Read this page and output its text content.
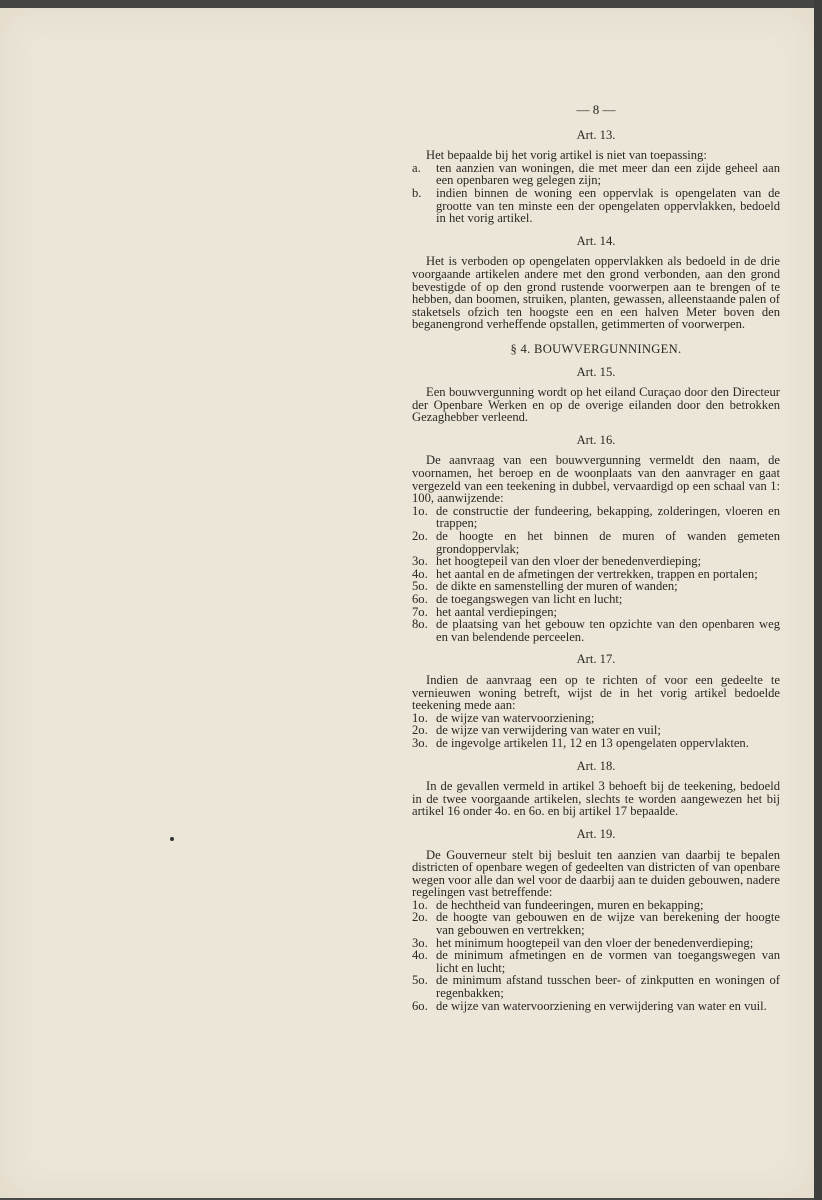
— 8 —
Art. 13.

Het bepaalde bij het vorig artikel is niet van toepassing:

a. ten aanzien van woningen, die met meer dan een zijde geheel aan een openbaren weg gelegen zijn;
b. indien binnen de woning een oppervlak is opengelaten van de grootte van ten minste een der opengelaten oppervlakken, bedoeld in het vorig artikel.
Art. 14.

Het is verboden op opengelaten oppervlakken als bedoeld in de drie voorgaande artikelen andere met den grond verbonden, aan den grond bevestigde of op den grond rustende voorwerpen aan te brengen of te hebben, dan boomen, struiken, planten, gewassen, alleenstaande palen of staketsels ofzich ten hoogste een en een halven Meter boven den beganengrond verheffende opstallen, getimmerten of voorwerpen.

§ 4. BOUWVERGUNNINGEN.
Art. 15.

Een bouwvergunning wordt op het eiland Curaçao door den Directeur der Openbare Werken en op de overige eilanden door den betrokken Gezaghebber verleend.

Art. 16.

De aanvraag van een bouwvergunning vermeldt den naam, de voornamen, het beroep en de woonplaats van den aanvrager en gaat vergezeld van een teekening in dubbel, vervaardigd op een schaal van 1: 100, aanwijzende:

1o. de constructie der fundeering, bekapping, zolderingen, vloeren en trappen;
2o. de hoogte en het binnen de muren of wanden gemeten grondoppervlak;
3o. het hoogtepeil van den vloer der benedenverdieping;
4o. het aantal en de afmetingen der vertrekken, trappen en portalen;
5o. de dikte en samenstelling der muren of wanden;
6o. de toegangswegen van licht en lucht;
7o. het aantal verdiepingen;
8o. de plaatsing van het gebouw ten opzichte van den openbaren weg en van belendende perceelen.
Art. 17.

Indien de aanvraag een op te richten of voor een gedeelte te vernieuwen woning betreft, wijst de in het vorig artikel bedoelde teekening mede aan:

1o. de wijze van watervoorziening;
2o. de wijze van verwijdering van water en vuil;
3o. de ingevolge artikelen 11, 12 en 13 opengelaten oppervlakten.
Art. 18.

In de gevallen vermeld in artikel 3 behoeft bij de teekening, bedoeld in de twee voorgaande artikelen, slechts te worden aangewezen het bij artikel 16 onder 4o. en 6o. en bij artikel 17 bepaalde.

Art. 19.

De Gouverneur stelt bij besluit ten aanzien van daarbij te bepalen districten of openbare wegen of gedeelten van districten of van openbare wegen voor alle dan wel voor de daarbij aan te duiden gebouwen, nadere regelingen vast betreffende:

1o. de hechtheid van fundeeringen, muren en bekapping;
2o. de hoogte van gebouwen en de wijze van berekening der hoogte van gebouwen en vertrekken;
3o. het minimum hoogtepeil van den vloer der benedenverdieping;
4o. de minimum afmetingen en de vormen van toegangswegen van licht en lucht;
5o. de minimum afstand tusschen beer- of zinkputten en woningen of regenbakken;
6o. de wijze van watervoorziening en verwijdering van water en vuil.
